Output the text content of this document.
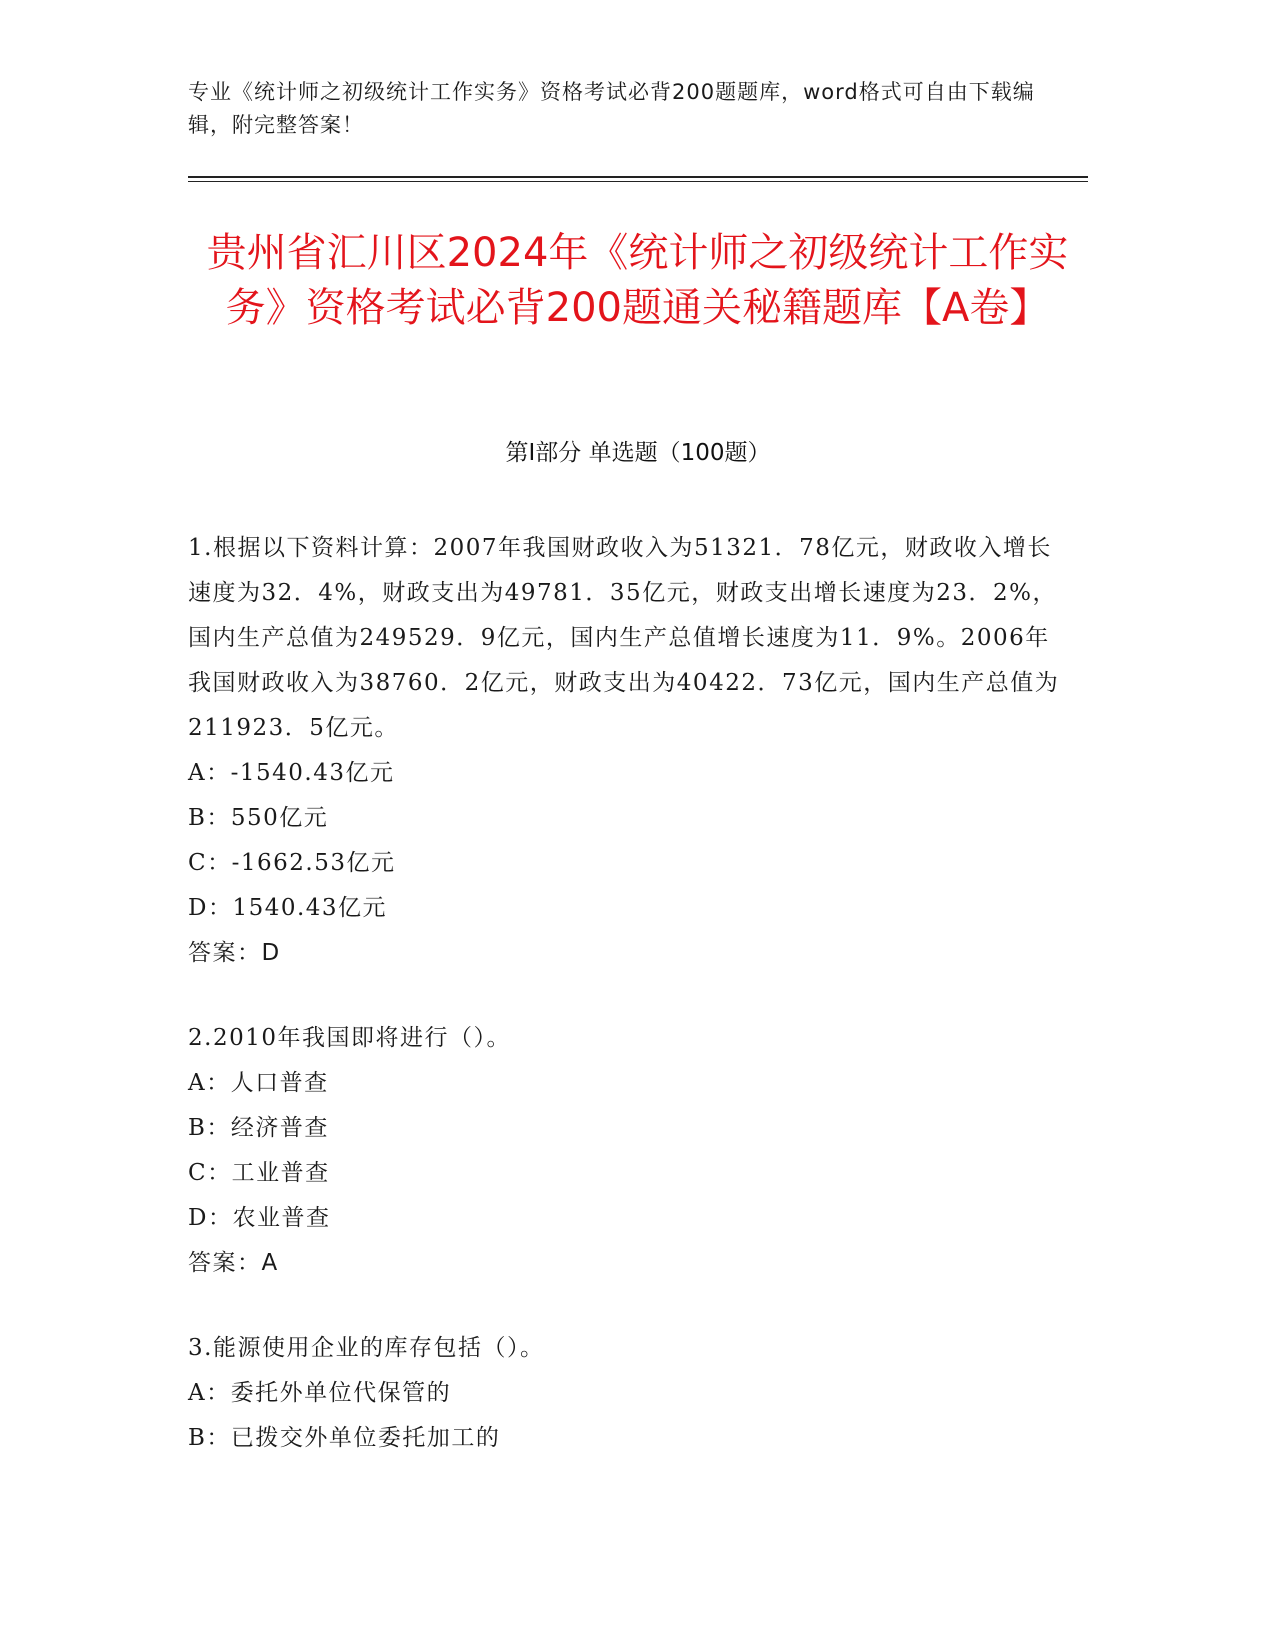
专业《统计师之初级统计工作实务》资格考试必背200题题库，word格式可自由下载编辑，附完整答案！
贵州省汇川区2024年《统计师之初级统计工作实务》资格考试必背200题通关秘籍题库【A卷】
第Ⅰ部分 单选题（100题）

1.根据以下资料计算：2007年我国财政收入为51321．78亿元，财政收入增长速度为32．4%，财政支出为49781．35亿元，财政支出增长速度为23．2%，国内生产总值为249529．9亿元，国内生产总值增长速度为11．9%。2006年我国财政收入为38760．2亿元，财政支出为40422．73亿元，国内生产总值为211923．5亿元。

A：-1540.43亿元

B：550亿元

C：-1662.53亿元

D：1540.43亿元

答案：D

2.2010年我国即将进行（）。

A：人口普查

B：经济普查

C：工业普查

D：农业普查

答案：A

3.能源使用企业的库存包括（）。

A：委托外单位代保管的

B：已拨交外单位委托加工的
